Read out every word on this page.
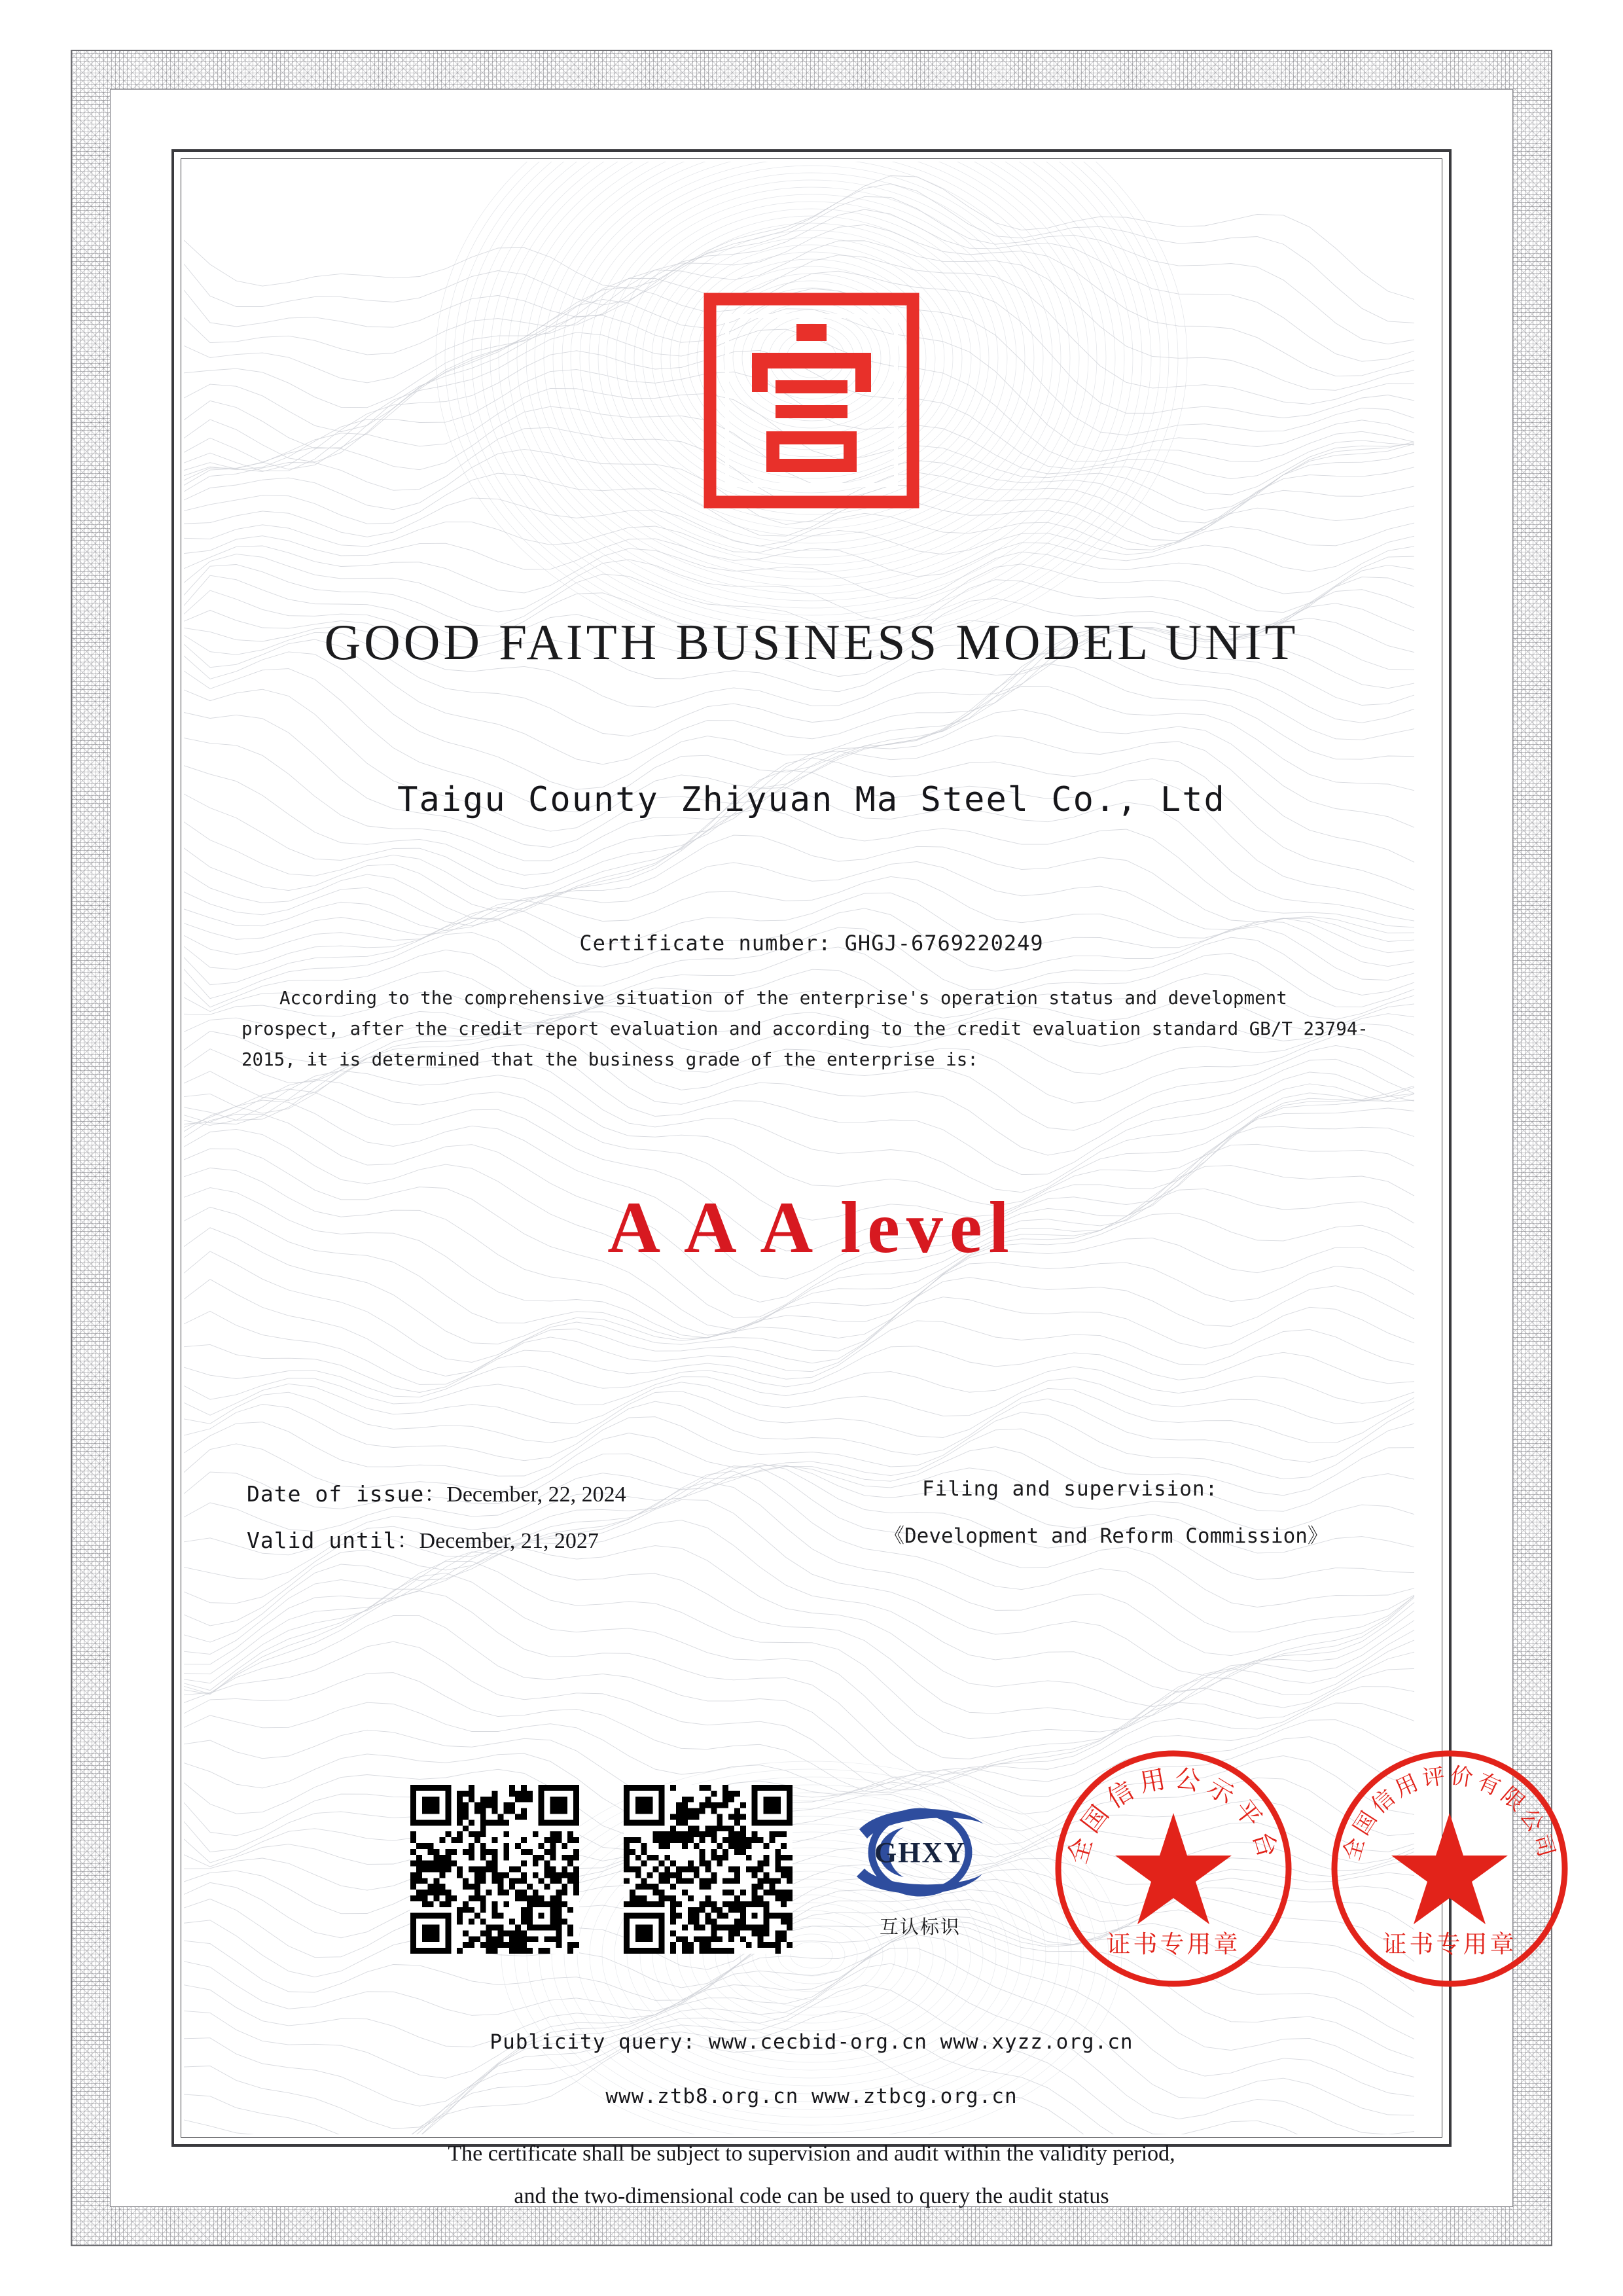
GOOD FAITH BUSINESS MODEL UNIT
Taigu County Zhiyuan Ma Steel Co., Ltd
Certificate number: GHGJ-6769220249
According to the comprehensive situation of the enterprise's operation status and development prospect, after the credit report evaluation and according to the credit evaluation standard GB/T 23794-2015, it is determined that the business grade of the enterprise is:
A A A level
Date of issue：December, 22, 2024
Valid until：December, 21, 2027
Filing and supervision:
《Development and Reform Commission》
GHXY
互认标识
全国信用公示平台
证书专用章
全国信用评价有限公司
证书专用章
Publicity query: www.cecbid-org.cn www.xyzz.org.cn
www.ztb8.org.cn www.ztbcg.org.cn
The certificate shall be subject to supervision and audit within the validity period,
and the two-dimensional code can be used to query the audit status
